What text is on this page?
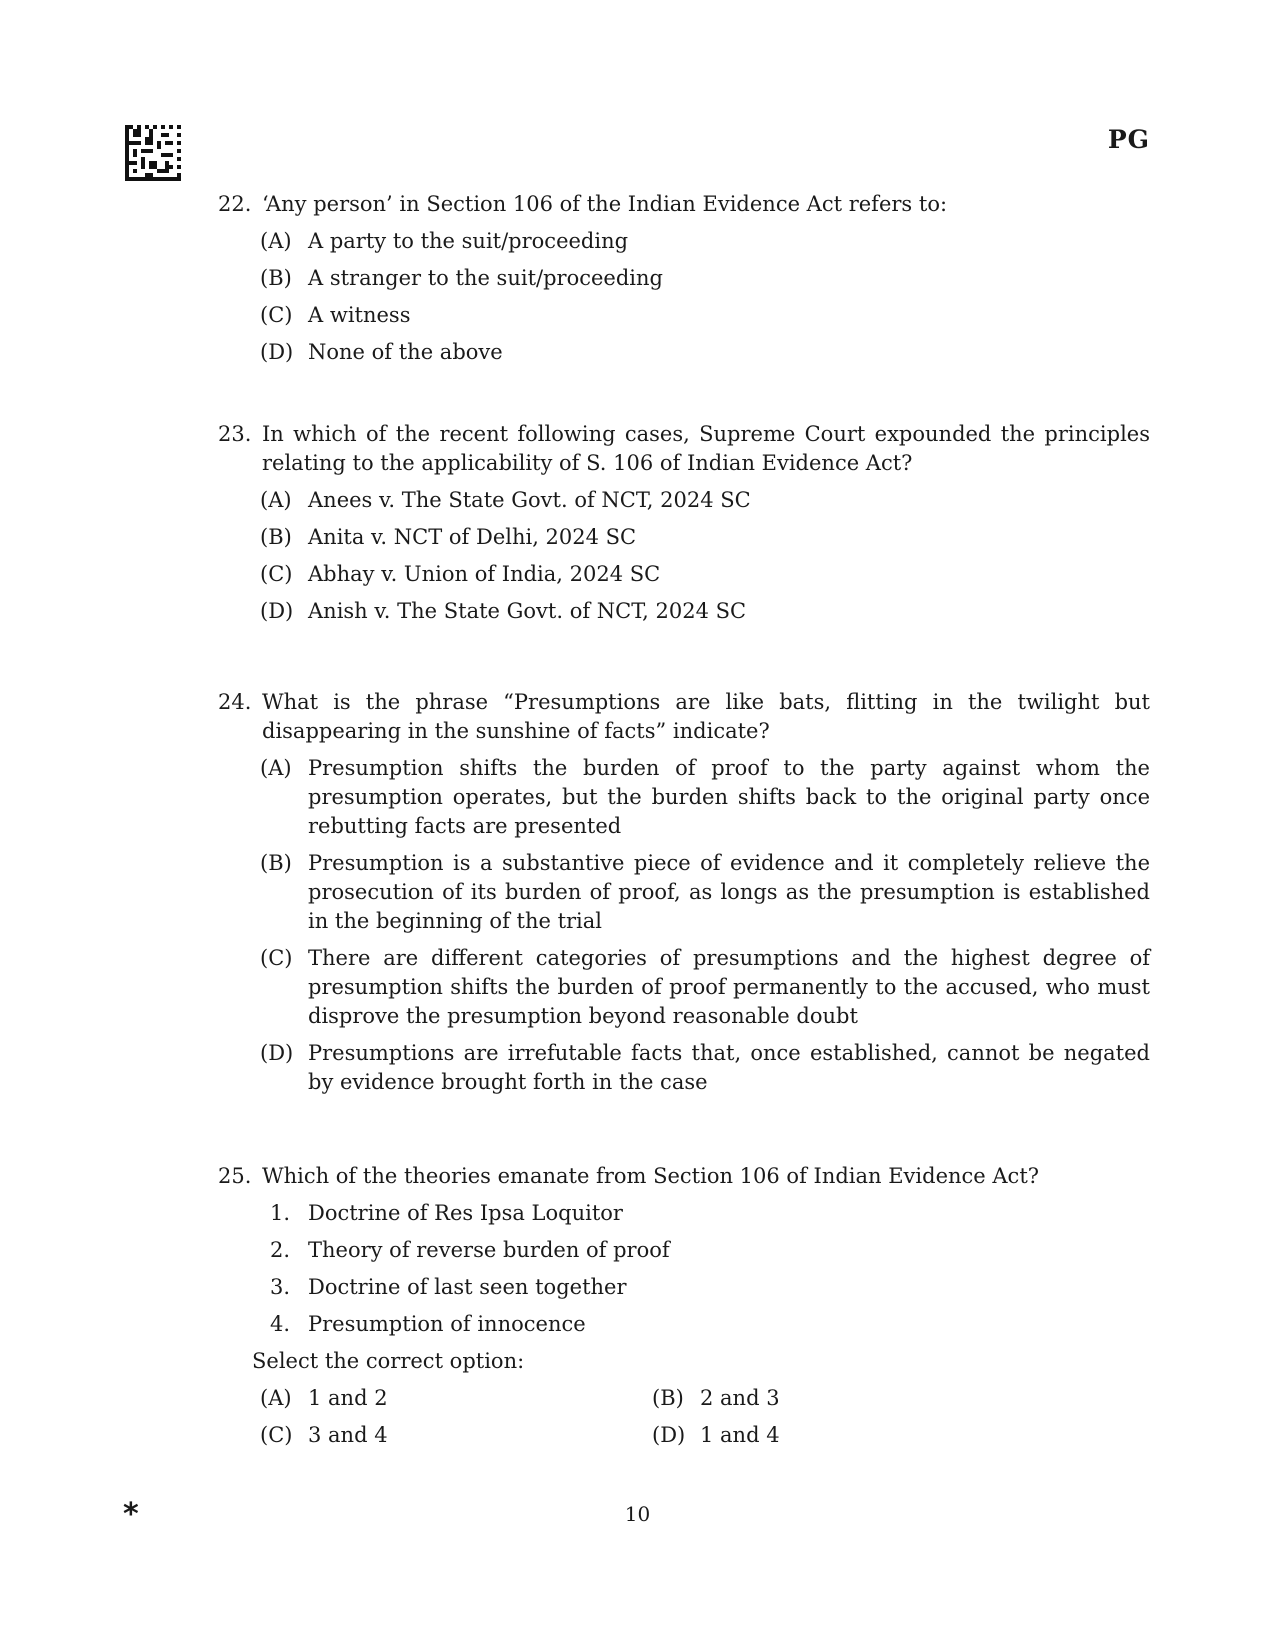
PG
22. ‘Any person’ in Section 106 of the Indian Evidence Act refers to:
(A) A party to the suit/proceeding
(B) A stranger to the suit/proceeding
(C) A witness
(D) None of the above
23. In which of the recent following cases, Supreme Court expounded the principles relating to the applicability of S. 106 of Indian Evidence Act?
(A) Anees v. The State Govt. of NCT, 2024 SC
(B) Anita v. NCT of Delhi, 2024 SC
(C) Abhay v. Union of India, 2024 SC
(D) Anish v. The State Govt. of NCT, 2024 SC
24. What is the phrase “Presumptions are like bats, flitting in the twilight but disappearing in the sunshine of facts” indicate?
(A) Presumption shifts the burden of proof to the party against whom the presumption operates, but the burden shifts back to the original party once rebutting facts are presented
(B) Presumption is a substantive piece of evidence and it completely relieve the prosecution of its burden of proof, as longs as the presumption is established in the beginning of the trial
(C) There are different categories of presumptions and the highest degree of presumption shifts the burden of proof permanently to the accused, who must disprove the presumption beyond reasonable doubt
(D) Presumptions are irrefutable facts that, once established, cannot be negated by evidence brought forth in the case
25. Which of the theories emanate from Section 106 of Indian Evidence Act?
1. Doctrine of Res Ipsa Loquitor
2. Theory of reverse burden of proof
3. Doctrine of last seen together
4. Presumption of innocence
Select the correct option:
(A) 1 and 2	(B) 2 and 3
(C) 3 and 4	(D) 1 and 4
*	10
